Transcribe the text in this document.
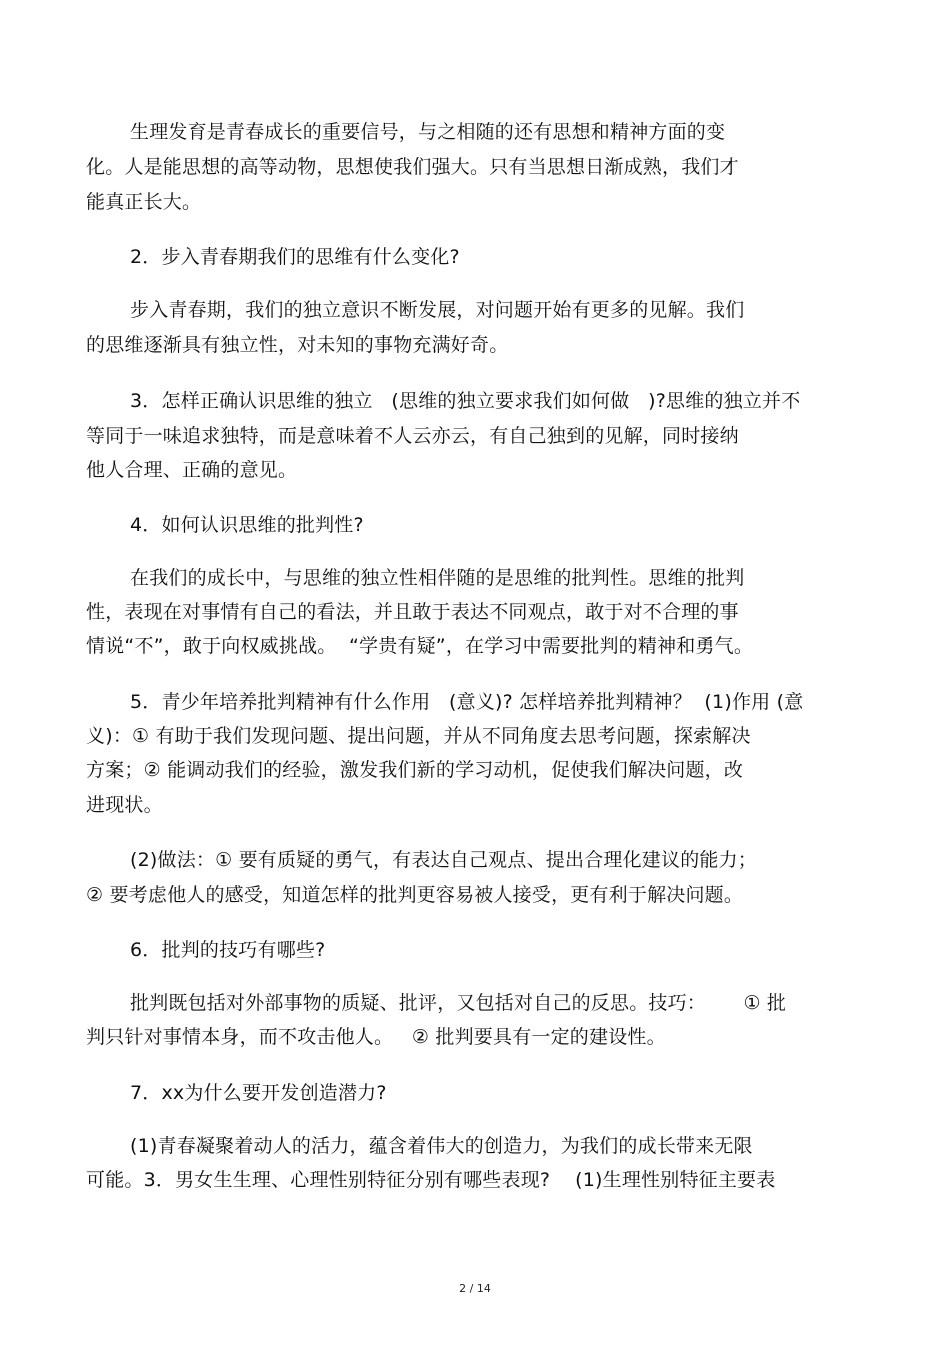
生理发育是青春成长的重要信号，与之相随的还有思想和精神方面的变
化。人是能思想的高等动物，思想使我们强大。只有当思想日渐成熟，我们才
能真正长大。
2．步入青春期我们的思维有什么变化?
步入青春期，我们的独立意识不断发展，对问题开始有更多的见解。我们
的思维逐渐具有独立性，对未知的事物充满好奇。
3．怎样正确认识思维的独立   (思维的独立要求我们如何做   )?思维的独立并不
等同于一味追求独特，而是意味着不人云亦云，有自己独到的见解，同时接纳
他人合理、正确的意见。
4．如何认识思维的批判性?
在我们的成长中，与思维的独立性相伴随的是思维的批判性。思维的批判
性，表现在对事情有自己的看法，并且敢于表达不同观点，敢于对不合理的事
情说“不”，敢于向权威挑战。  “学贵有疑”，在学习中需要批判的精神和勇气。
5．青少年培养批判精神有什么作用   (意义)? 怎样培养批判精神？  (1)作用 (意
义)：① 有助于我们发现问题、提出问题，并从不同角度去思考问题，探索解决
方案；② 能调动我们的经验，激发我们新的学习动机，促使我们解决问题，改
进现状。
(2)做法：① 要有质疑的勇气，有表达自己观点、提出合理化建议的能力；
② 要考虑他人的感受，知道怎样的批判更容易被人接受，更有利于解决问题。
6．批判的技巧有哪些?
批判既包括对外部事物的质疑、批评，又包括对自己的反思。技巧：      ① 批
判只针对事情本身，而不攻击他人。   ② 批判要具有一定的建设性。
7．xx为什么要开发创造潜力?
(1)青春凝聚着动人的活力，蕴含着伟大的创造力，为我们的成长带来无限
可能。3．男女生生理、心理性别特征分别有哪些表现?    (1)生理性别特征主要表
2 / 14
